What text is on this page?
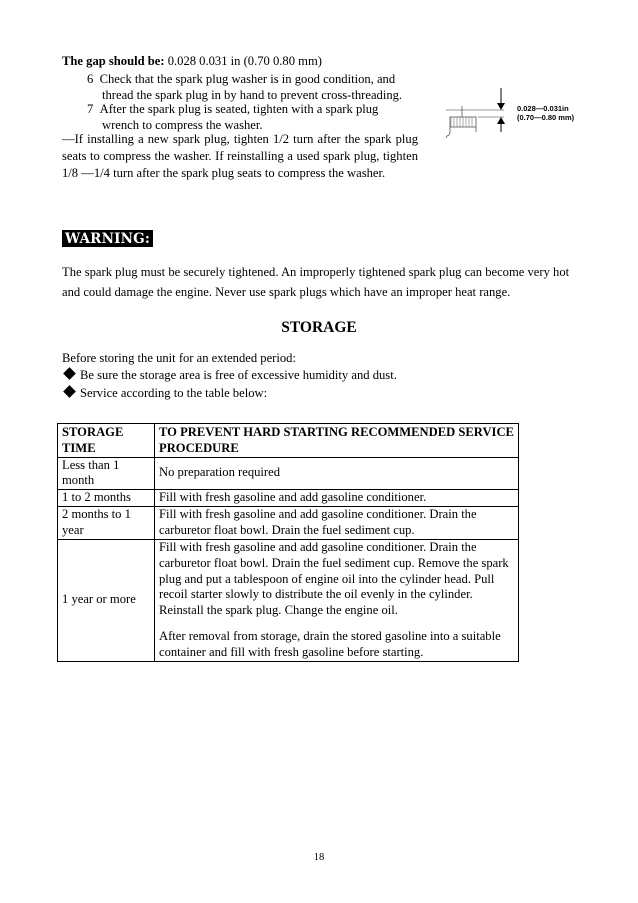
The gap should be: 0.028 0.031 in (0.70 0.80 mm)
6 Check that the spark plug washer is in good condition, and
thread the spark plug in by hand to prevent cross-threading.
7 After the spark plug is seated, tighten with a spark plug
wrench to compress the washer.
—If installing a new spark plug, tighten 1/2 turn after the spark plug seats to compress the washer. If reinstalling a used spark plug, tighten 1/8 —1/4 turn after the spark plug seats to compress the washer.
0.028—0.031in
(0.70—0.80 mm)
WARNING:
The spark plug must be securely tightened. An improperly tightened spark plug can become very hot and could damage the engine. Never use spark plugs which have an improper heat range.
STORAGE
Before storing the unit for an extended period:
Be sure the storage area is free of excessive humidity and dust.
Service according to the table below:
STORAGE TIME	TO PREVENT HARD STARTING RECOMMENDED SERVICE PROCEDURE
Less than 1 month	No preparation required
1 to 2 months	Fill with fresh gasoline and add gasoline conditioner.
2 months to 1 year	Fill with fresh gasoline and add gasoline conditioner. Drain the carburetor float bowl. Drain the fuel sediment cup.
1 year or more	Fill with fresh gasoline and add gasoline conditioner. Drain the carburetor float bowl. Drain the fuel sediment cup. Remove the spark plug and put a tablespoon of engine oil into the cylinder head. Pull recoil starter slowly to distribute the oil evenly in the cylinder. Reinstall the spark plug. Change the engine oil.
After removal from storage, drain the stored gasoline into a suitable container and fill with fresh gasoline before starting.
18
